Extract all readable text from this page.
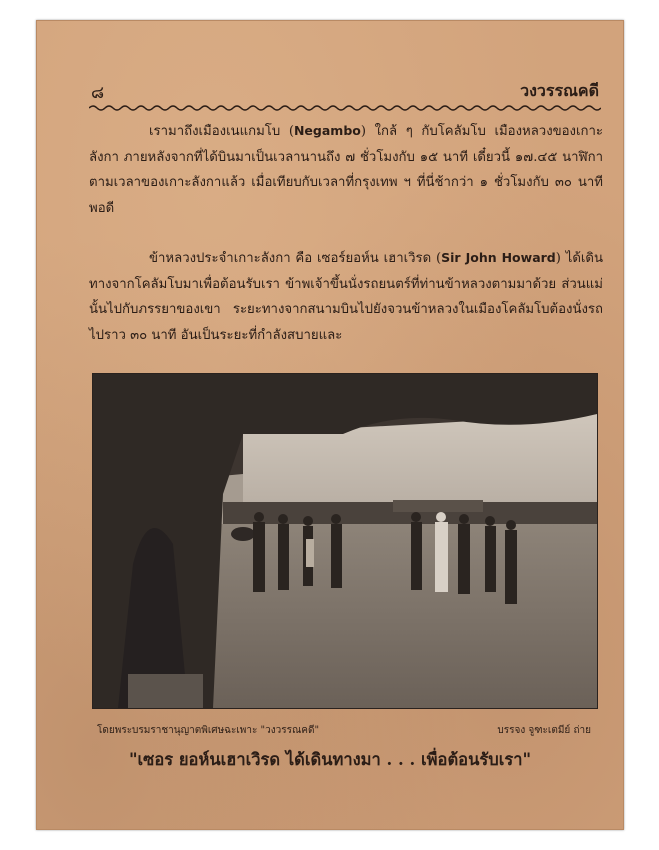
๘	วงวรรณคดี

เรามาถึงเมืองเนแกมโบ (Negambo) ใกล้ ๆ กับโคลัมโบ เมืองหลวงของเกาะลังกา ภายหลังจากที่ได้บินมาเป็นเวลานานถึง ๗ ชั่วโมงกับ ๑๕ นาที เดี๋ยวนี้ ๑๗.๔๕ นาฬิกาตามเวลาของเกาะลังกาแล้ว เมื่อเทียบกับเวลาที่กรุงเทพ ฯ ที่นี่ช้ากว่า ๑ ชั่วโมงกับ ๓๐ นาที พอดี

ข้าหลวงประจำเกาะลังกา คือ เซอร์ยอห์น เฮาเวิรด (Sir John Howard) ได้เดินทางจากโคลัมโบมาเพื่อต้อนรับเรา ข้าพเจ้าขึ้นนั่งรถยนตร์ที่ท่านข้าหลวงตามมาด้วย ส่วนแม่นั้นไปกับภรรยาของเขา ระยะทางจากสนามบินไปยังจวนข้าหลวงในเมืองโคลัมโบต้องนั่งรถไปราว ๓๐ นาที อันเป็นระยะที่กำลังสบายและ

โดยพระบรมราชานุญาตพิเศษฉะเพาะ "วงวรรณคดี"	บรรจง จูฑะเตมีย์ ถ่าย
"เซอร ยอห์นเฮาเวิรด ได้เดินทางมา . . . เพื่อต้อนรับเรา"
